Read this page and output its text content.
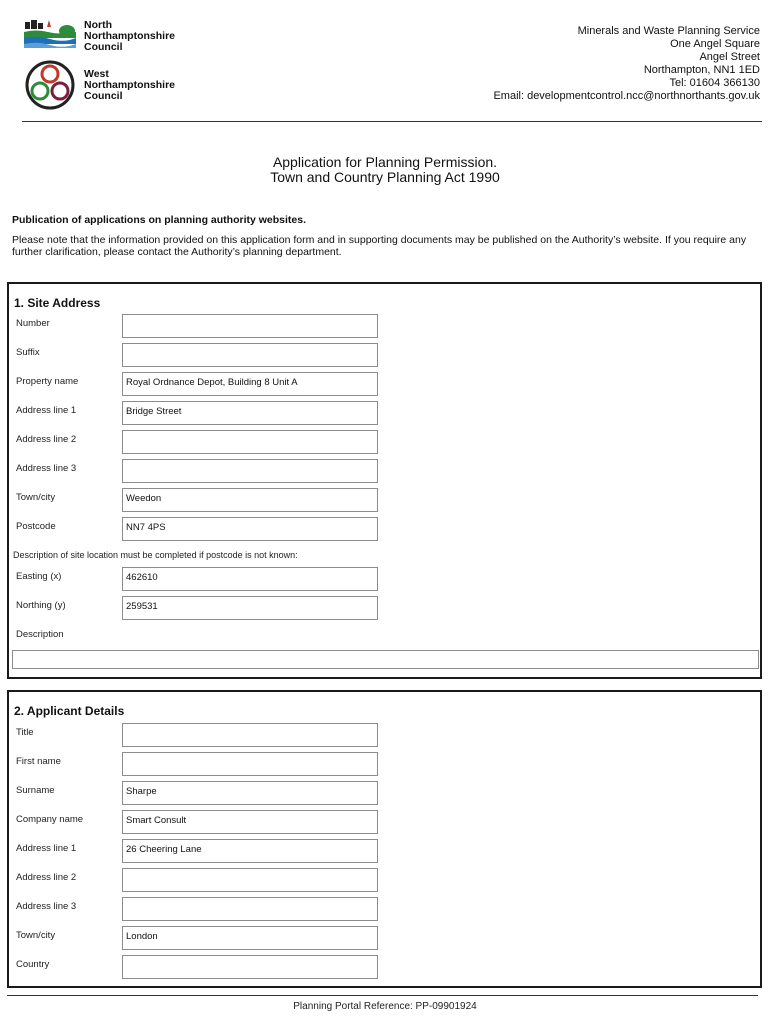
North
Northamptonshire
Council
West
Northamptonshire
Council
Minerals and Waste Planning Service
One Angel Square
Angel Street
Northampton, NN1 1ED
Tel: 01604 366130
Email: developmentcontrol.ncc@northnorthants.gov.uk
Application for Planning Permission.
Town and Country Planning Act 1990
Publication of applications on planning authority websites.
Please note that the information provided on this application form and in supporting documents may be published on the Authority’s website. If you require any further clarification, please contact the Authority’s planning department.
1. Site Address
Number
Suffix
Property name	Royal Ordnance Depot, Building 8 Unit A
Address line 1	Bridge Street
Address line 2
Address line 3
Town/city	Weedon
Postcode	NN7 4PS
Description of site location must be completed if postcode is not known:
Easting (x)	462610
Northing (y)	259531
Description
2. Applicant Details
Title
First name
Surname	Sharpe
Company name	Smart Consult
Address line 1	26 Cheering Lane
Address line 2
Address line 3
Town/city	London
Country
Planning Portal Reference: PP-09901924
